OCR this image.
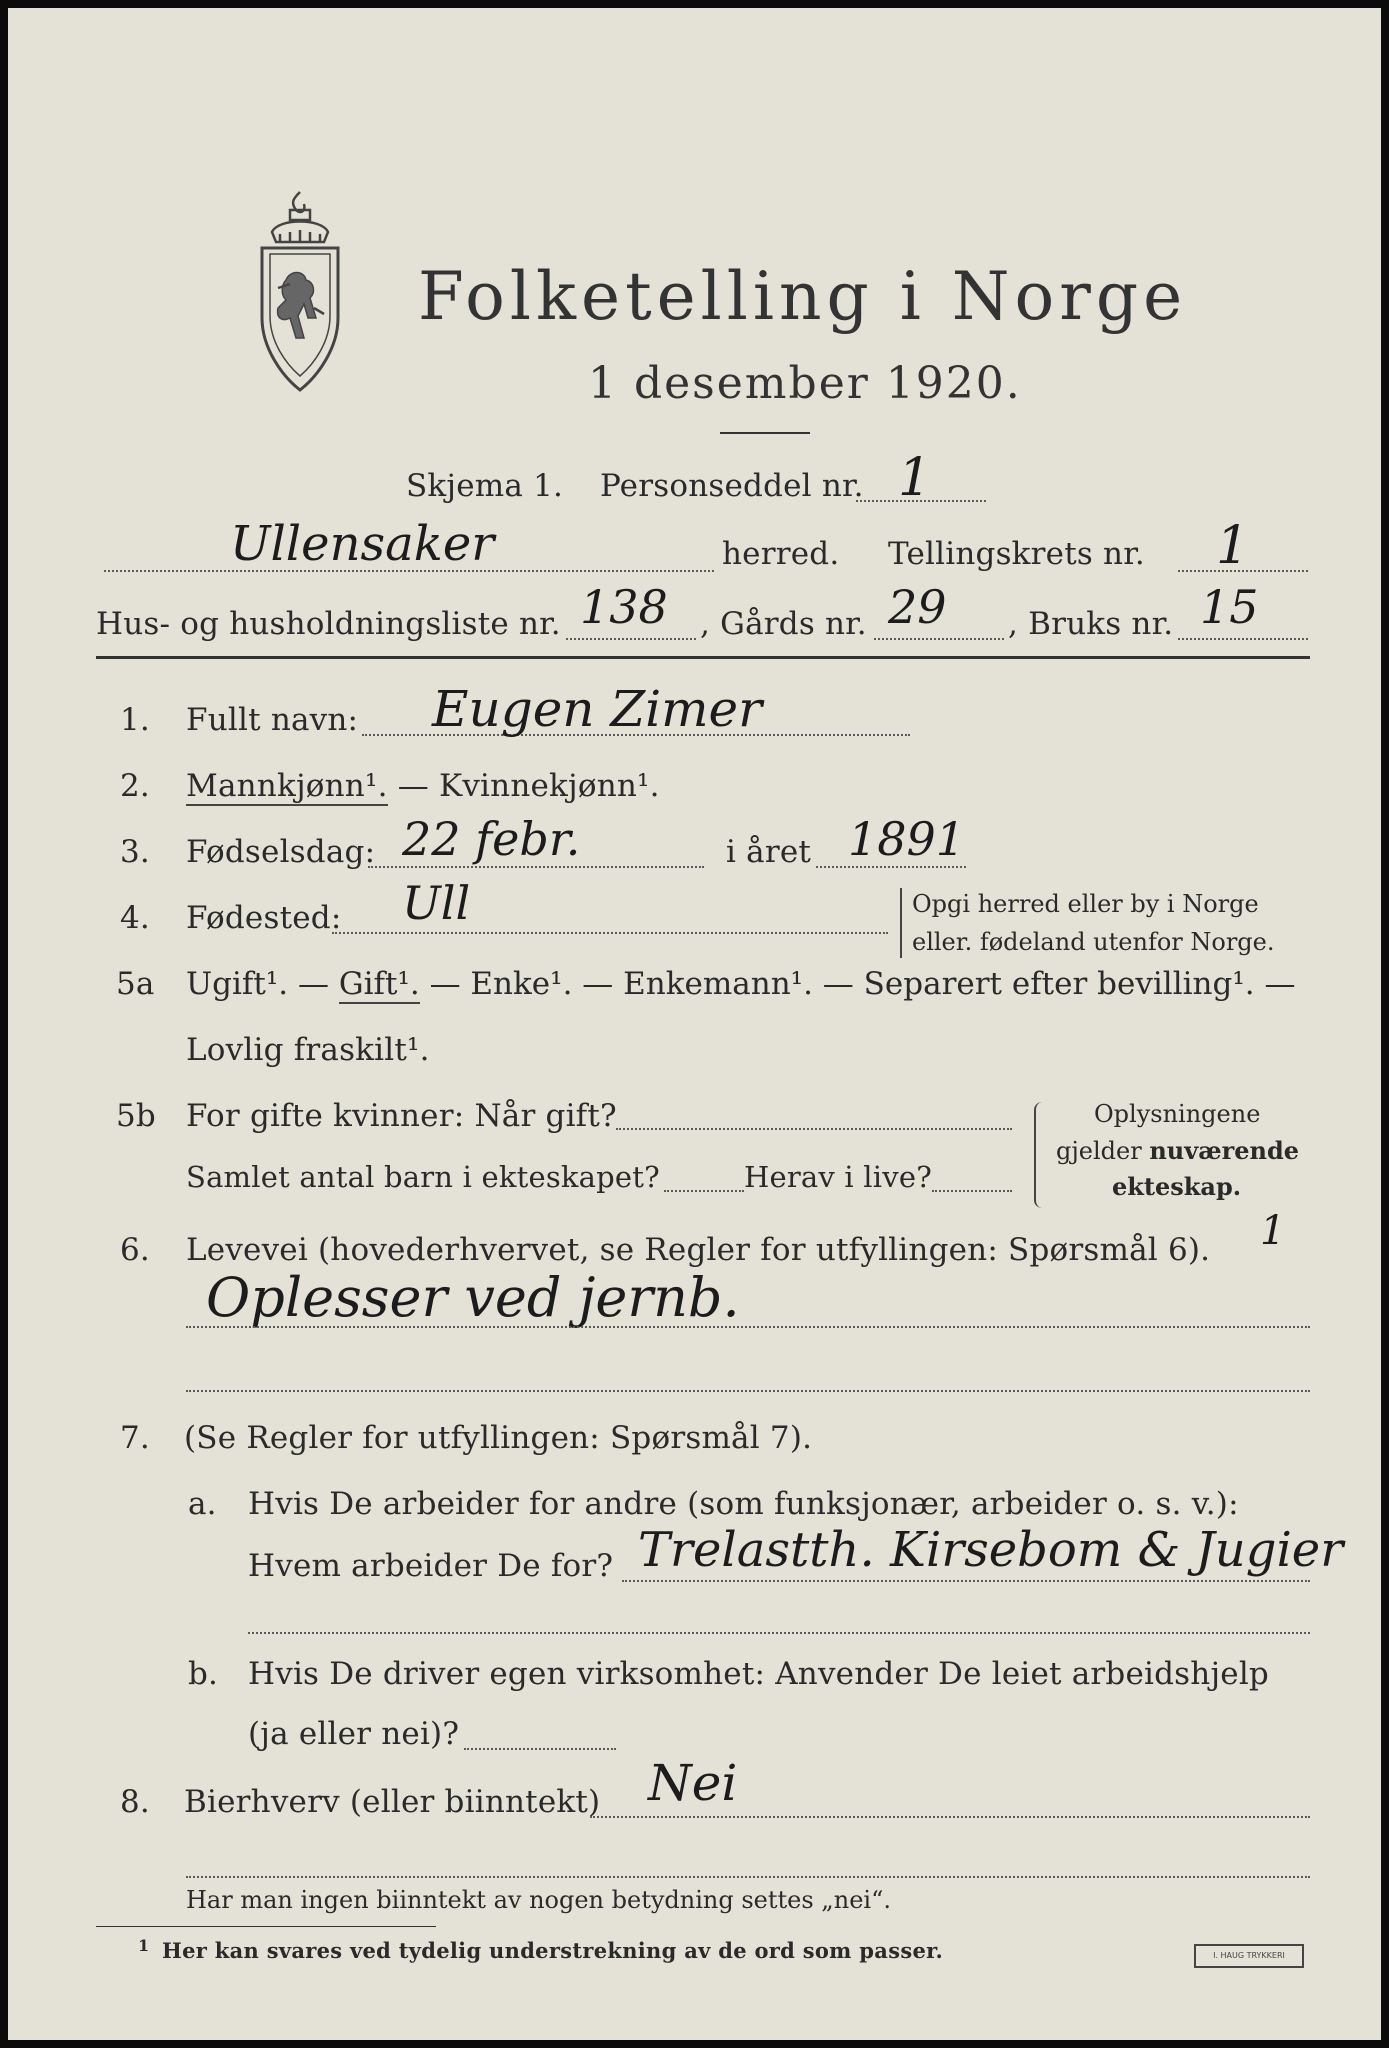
Folketelling i Norge
1 desember 1920.
Skjema 1. Personseddel nr. 1
Ullensaker	herred. Tellingskrets nr. 1
Hus- og husholdningsliste nr. 138 , Gårds nr. 29 , Bruks nr. 15
1. Fullt navn: Eugen Zimer
2. Mannkjønn¹. — Kvinnekjønn¹.
3. Fødselsdag: 22 febr.	i året 1891
4. Fødested: Ull	Opgi herred eller by i Norge
eller. fødeland utenfor Norge.
5a Ugift¹. — Gift¹. — Enke¹. — Enkemann¹. — Separert efter bevilling¹. —
Lovlig fraskilt¹.
5b For gifte kvinner: Når gift?
Samlet antal barn i ekteskapet?	Herav i live?
Oplysningene
gjelder nuværende
ekteskap.
6. Levevei (hovederhvervet, se Regler for utfyllingen: Spørsmål 6). 1
Oplesser ved jernb.
7. (Se Regler for utfyllingen: Spørsmål 7).
a. Hvis De arbeider for andre (som funksjonær, arbeider o. s. v.):
Hvem arbeider De for? Trelastth. Kirsebom & Jugier
b. Hvis De driver egen virksomhet: Anvender De leiet arbeidshjelp
(ja eller nei)?
8. Bierhverv (eller biinntekt) Nei
Har man ingen biinntekt av nogen betydning settes „nei“.
1 Her kan svares ved tydelig understrekning av de ord som passer.	I. HAUG TRYKKERI
